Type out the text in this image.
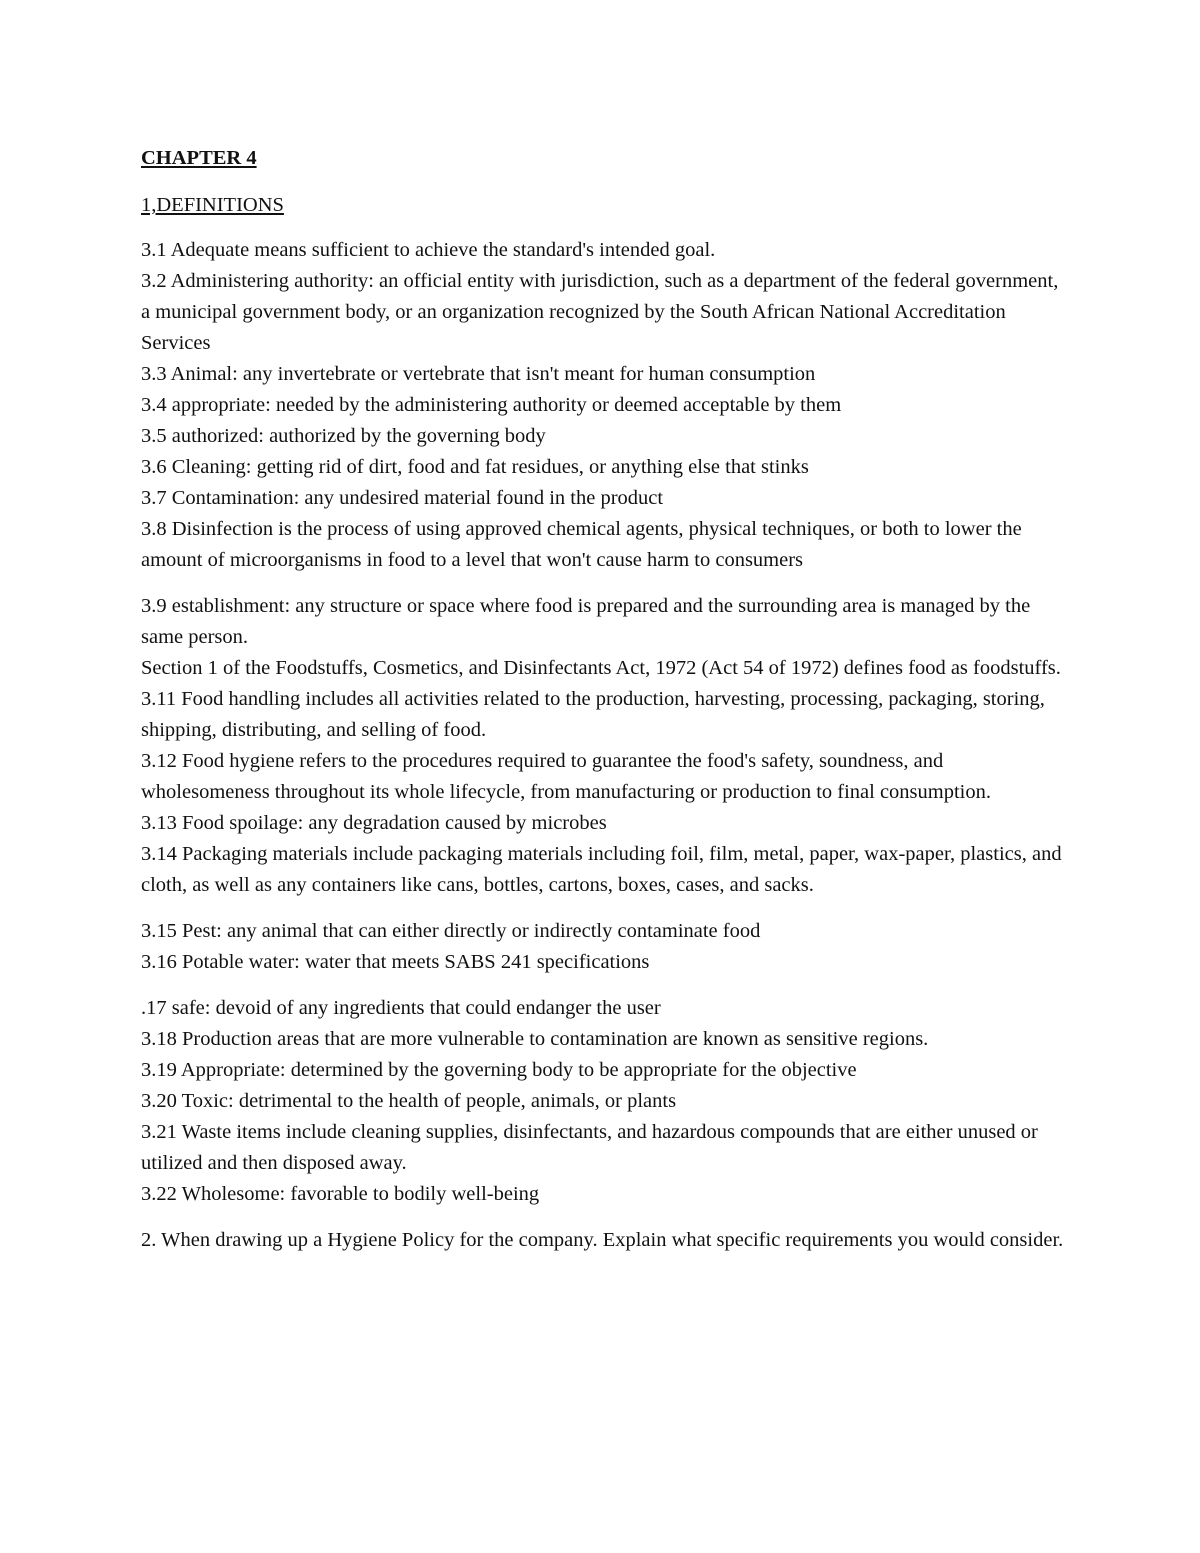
CHAPTER 4

1,DEFINITIONS

3.1 Adequate means sufficient to achieve the standard's intended goal.

3.2 Administering authority: an official entity with jurisdiction, such as a department of the federal government, a municipal government body, or an organization recognized by the South African National Accreditation Services

3.3 Animal: any invertebrate or vertebrate that isn't meant for human consumption

3.4 appropriate: needed by the administering authority or deemed acceptable by them

3.5 authorized: authorized by the governing body

3.6 Cleaning: getting rid of dirt, food and fat residues, or anything else that stinks

3.7 Contamination: any undesired material found in the product

3.8 Disinfection is the process of using approved chemical agents, physical techniques, or both to lower the amount of microorganisms in food to a level that won't cause harm to consumers

3.9 establishment: any structure or space where food is prepared and the surrounding area is managed by the same person.

Section 1 of the Foodstuffs, Cosmetics, and Disinfectants Act, 1972 (Act 54 of 1972) defines food as foodstuffs.

3.11 Food handling includes all activities related to the production, harvesting, processing, packaging, storing, shipping, distributing, and selling of food.

3.12 Food hygiene refers to the procedures required to guarantee the food's safety, soundness, and wholesomeness throughout its whole lifecycle, from manufacturing or production to final consumption.

3.13 Food spoilage: any degradation caused by microbes

3.14 Packaging materials include packaging materials including foil, film, metal, paper, wax-paper, plastics, and cloth, as well as any containers like cans, bottles, cartons, boxes, cases, and sacks.

3.15 Pest: any animal that can either directly or indirectly contaminate food

3.16 Potable water: water that meets SABS 241 specifications

.17 safe: devoid of any ingredients that could endanger the user

3.18 Production areas that are more vulnerable to contamination are known as sensitive regions.

3.19 Appropriate: determined by the governing body to be appropriate for the objective

3.20 Toxic: detrimental to the health of people, animals, or plants

3.21 Waste items include cleaning supplies, disinfectants, and hazardous compounds that are either unused or utilized and then disposed away.

3.22 Wholesome: favorable to bodily well-being

2. When drawing up a Hygiene Policy for the company. Explain what specific requirements you would consider.
